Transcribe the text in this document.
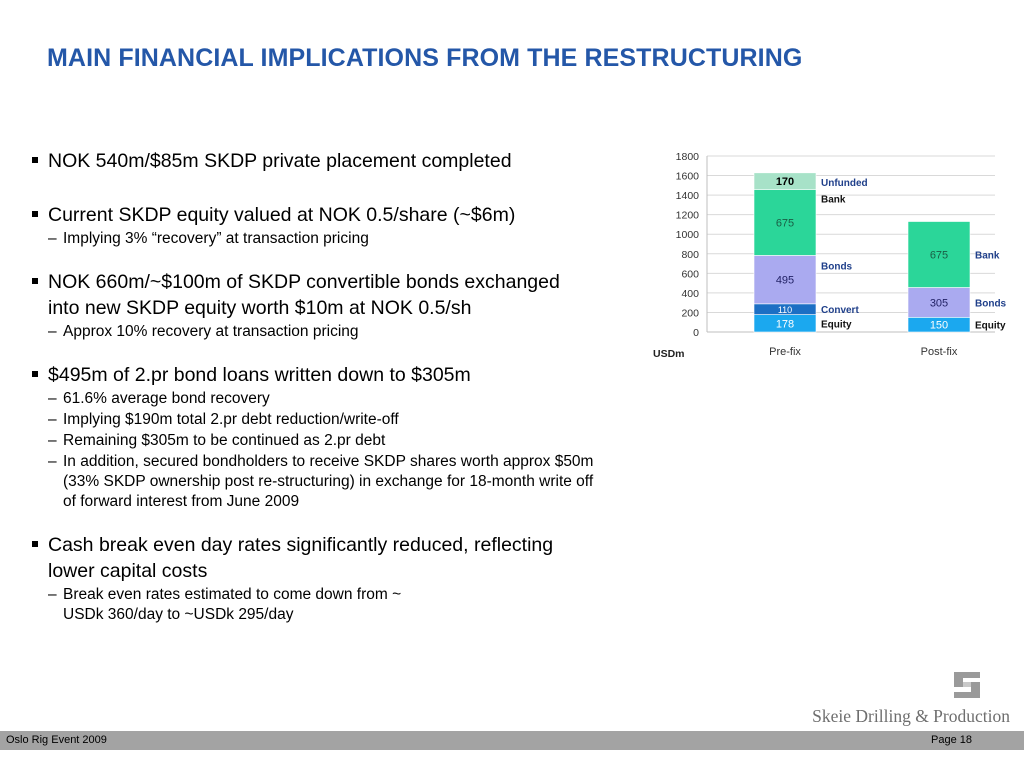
MAIN FINANCIAL IMPLICATIONS FROM THE RESTRUCTURING
NOK 540m/$85m SKDP private placement completed
Current SKDP equity valued at NOK 0.5/share (~$6m)
– Implying 3% “recovery” at transaction pricing
NOK 660m/~$100m of SKDP convertible bonds exchanged
into new SKDP equity worth $10m at NOK 0.5/sh
– Approx 10% recovery at transaction pricing
$495m of 2.pr bond loans written down to $305m
– 61.6% average bond recovery
– Implying $190m total 2.pr debt reduction/write-off
– Remaining $305m to be continued as 2.pr debt
– In addition, secured bondholders to receive SKDP shares worth approx $50m
(33% SKDP ownership post re-structuring) in exchange for 18-month write off
of forward interest from June 2009
Cash break even day rates significantly reduced, reflecting
lower capital costs
– Break even rates estimated to come down from ~
USDk 360/day to ~USDk 295/day
0
200
400
600
800
1000
1200
1400
1600
1800
178	Equity
110	Convert
495
Bonds
675
Bank
170	Unfunded
Pre-fix
150	Equity
305	Bonds
675	Bank
Post-fix
USDm
Skeie Drilling & Production
Oslo Rig Event 2009	Page 18
